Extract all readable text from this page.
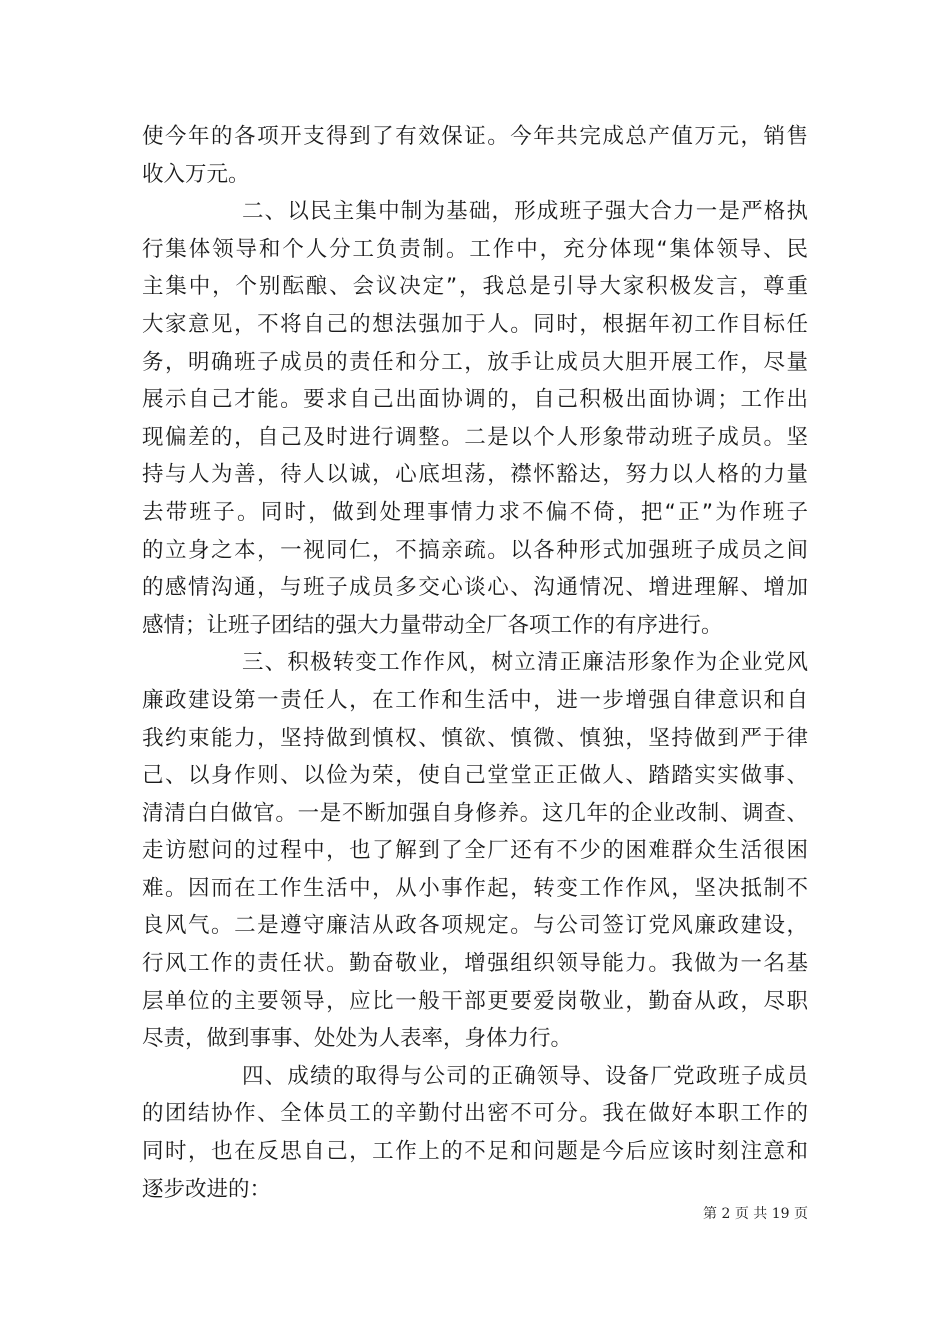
使今年的各项开支得到了有效保证。今年共完成总产值万元，销售
收入万元。
二、以民主集中制为基础，形成班子强大合力一是严格执
行集体领导和个人分工负责制。工作中，充分体现“集体领导、民
主集中，个别酝酿、会议决定”，我总是引导大家积极发言，尊重
大家意见，不将自己的想法强加于人。同时，根据年初工作目标任
务，明确班子成员的责任和分工，放手让成员大胆开展工作，尽量
展示自己才能。要求自己出面协调的，自己积极出面协调；工作出
现偏差的，自己及时进行调整。二是以个人形象带动班子成员。坚
持与人为善，待人以诚，心底坦荡，襟怀豁达，努力以人格的力量
去带班子。同时，做到处理事情力求不偏不倚，把“正”为作班子
的立身之本，一视同仁，不搞亲疏。以各种形式加强班子成员之间
的感情沟通，与班子成员多交心谈心、沟通情况、增进理解、增加
感情；让班子团结的强大力量带动全厂各项工作的有序进行。
三、积极转变工作作风，树立清正廉洁形象作为企业党风
廉政建设第一责任人，在工作和生活中，进一步增强自律意识和自
我约束能力，坚持做到慎权、慎欲、慎微、慎独，坚持做到严于律
己、以身作则、以俭为荣，使自己堂堂正正做人、踏踏实实做事、
清清白白做官。一是不断加强自身修养。这几年的企业改制、调查、
走访慰问的过程中，也了解到了全厂还有不少的困难群众生活很困
难。因而在工作生活中，从小事作起，转变工作作风，坚决抵制不
良风气。二是遵守廉洁从政各项规定。与公司签订党风廉政建设，
行风工作的责任状。勤奋敬业，增强组织领导能力。我做为一名基
层单位的主要领导，应比一般干部更要爱岗敬业，勤奋从政，尽职
尽责，做到事事、处处为人表率，身体力行。
四、成绩的取得与公司的正确领导、设备厂党政班子成员
的团结协作、全体员工的辛勤付出密不可分。我在做好本职工作的
同时，也在反思自己，工作上的不足和问题是今后应该时刻注意和
逐步改进的：
第 2 页 共 19 页
